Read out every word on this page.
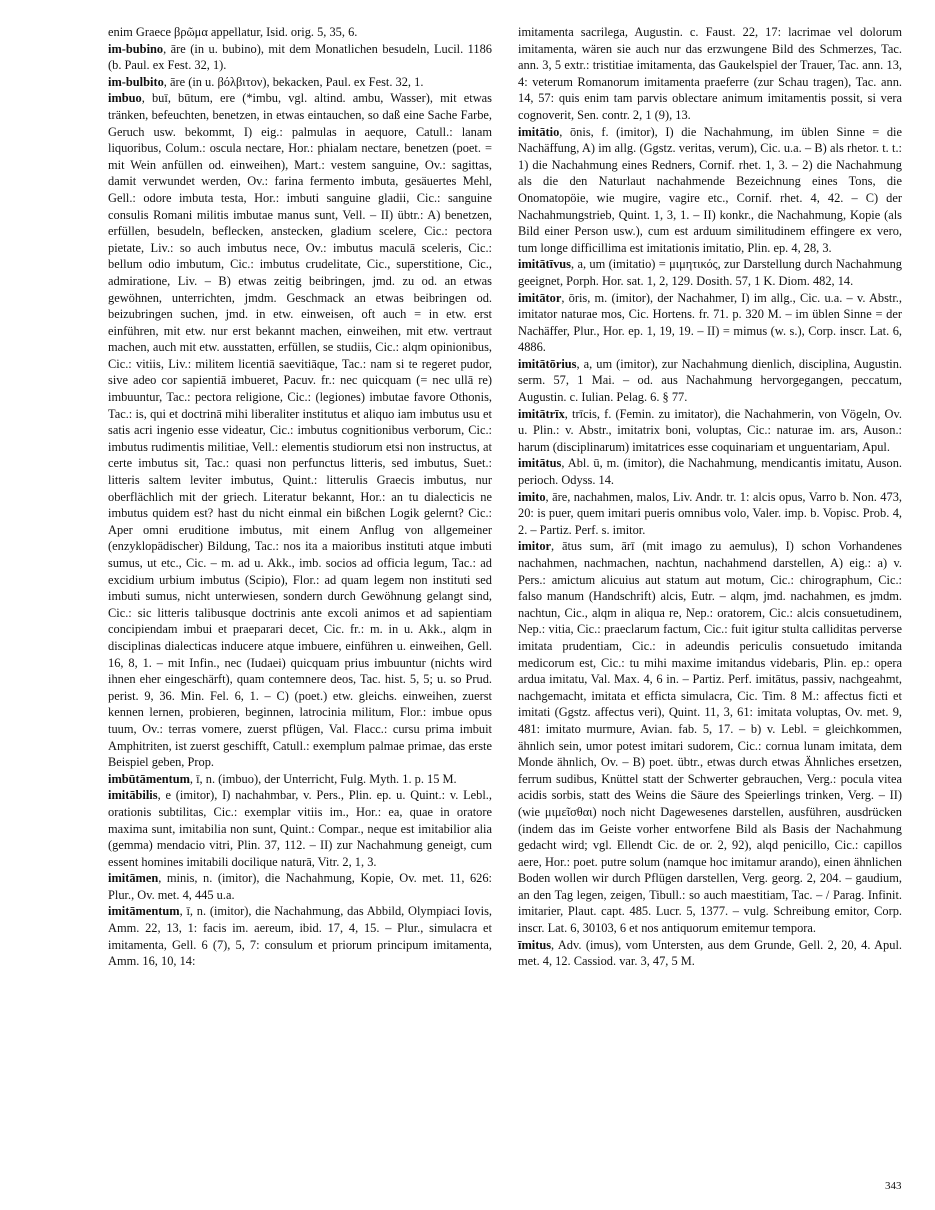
enim Graece βρῶμα appellatur, Isid. orig. 5, 35, 6.

im-bubino, āre (in u. bubino), mit dem Monatlichen besudeln, Lucil. 1186 (b. Paul. ex Fest. 32, 1).

im-bulbito, āre (in u. βόλβιτον), bekacken, Paul. ex Fest. 32, 1.

imbuo, buī, būtum, ere (*imbu, vgl. altind. ambu, Wasser), mit etwas tränken, befeuchten, benetzen, in etwas eintauchen, so daß eine Sache Farbe, Geruch usw. bekommt, I) eig.: palmulas in aequore, Catull.: lanam liquoribus, Colum.: oscula nectare, Hor.: phialam nectare, benetzen (poet. = mit Wein anfüllen od. einweihen), Mart.: vestem sanguine, Ov.: sagittas, damit verwundet werden, Ov.: farina fermento imbuta, gesäuertes Mehl, Gell.: odore imbuta testa, Hor.: imbuti sanguine gladii, Cic.: sanguine consulis Romani militis imbutae manus sunt, Vell. – II) übtr.: A) benetzen, erfüllen, besudeln, beflecken, anstecken, gladium scelere, Cic.: pectora pietate, Liv.: so auch imbutus nece, Ov.: imbutus maculā sceleris, Cic.: bellum odio imbutum, Cic.: imbutus crudelitate, Cic., superstitione, Cic., admiratione, Liv. – B) etwas zeitig beibringen, jmd. zu od. an etwas gewöhnen, unterrichten, jmdm. Geschmack an etwas beibringen od. beizubringen suchen, jmd. in etw. einweisen, oft auch = in etw. erst einführen, mit etw. nur erst bekannt machen, einweihen, mit etw. vertraut machen, auch mit etw. ausstatten, erfüllen, se studiis, Cic.: alqm opinionibus, Cic.: vitiis, Liv.: militem licentiā saevitiāque, Tac.: nam si te regeret pudor, sive adeo cor sapientiā imbueret, Pacuv. fr.: nec quicquam (= nec ullā re) imbuuntur, Tac.: pectora religione, Cic.: (legiones) imbutae favore Othonis, Tac.: is, qui et doctrinā mihi liberaliter institutus et aliquo iam imbutus usu et satis acri ingenio esse videatur, Cic.: imbutus cognitionibus verborum, Cic.: imbutus rudimentis militiae, Vell.: elementis studiorum etsi non instructus, at certe imbutus sit, Tac.: quasi non perfunctus litteris, sed imbutus, Suet.: litteris saltem leviter imbutus, Quint.: litterulis Graecis imbutus, nur oberflächlich mit der griech. Literatur bekannt, Hor.: an tu dialecticis ne imbutus quidem est? hast du nicht einmal ein bißchen Logik gelernt? Cic.: Aper omni eruditione imbutus, mit einem Anflug von allgemeiner (enzyklopädischer) Bildung, Tac.: nos ita a maioribus instituti atque imbuti sumus, ut etc., Cic. – m. ad u. Akk., imb. socios ad officia legum, Tac.: ad excidium urbium imbutus (Scipio), Flor.: ad quam legem non instituti sed imbuti sumus, nicht unterwiesen, sondern durch Gewöhnung gelangt sind, Cic.: sic litteris talibusque doctrinis ante excoli animos et ad sapientiam concipiendam imbui et praeparari decet, Cic. fr.: m. in u. Akk., alqm in disciplinas dialecticas inducere atque imbuere, einführen u. einweihen, Gell. 16, 8, 1. – mit Infin., nec (Iudaei) quicquam prius imbuuntur (nichts wird ihnen eher eingeschärft), quam contemnere deos, Tac. hist. 5, 5; u. so Prud. perist. 9, 36. Min. Fel. 6, 1. – C) (poet.) etw. gleichs. einweihen, zuerst kennen lernen, probieren, beginnen, latrocinia militum, Flor.: imbue opus tuum, Ov.: terras vomere, zuerst pflügen, Val. Flacc.: cursu prima imbuit Amphitriten, ist zuerst geschifft, Catull.: exemplum palmae primae, das erste Beispiel geben, Prop.

imbūtāmentum, ī, n. (imbuo), der Unterricht, Fulg. Myth. 1. p. 15 M.

imitābilis, e (imitor), I) nachahmbar, v. Pers., Plin. ep. u. Quint.: v. Lebl., orationis subtilitas, Cic.: exemplar vitiis im., Hor.: ea, quae in oratore maxima sunt, imitabilia non sunt, Quint.: Compar., neque est imitabilior alia (gemma) mendacio vitri, Plin. 37, 112. – II) zur Nachahmung geneigt, cum essent homines imitabili docilique naturā, Vitr. 2, 1, 3.

imitāmen, minis, n. (imitor), die Nachahmung, Kopie, Ov. met. 11, 626: Plur., Ov. met. 4, 445 u.a.

imitāmentum, ī, n. (imitor), die Nachahmung, das Abbild, Olympiaci Iovis, Amm. 22, 13, 1: facis im. aereum, ibid. 17, 4, 15. – Plur., simulacra et imitamenta, Gell. 6 (7), 5, 7: consulum et priorum principum imitamenta, Amm. 16, 10, 14:

imitamenta sacrilega, Augustin. c. Faust. 22, 17: lacrimae vel dolorum imitamenta, wären sie auch nur das erzwungene Bild des Schmerzes, Tac. ann. 3, 5 extr.: tristitiae imitamenta, das Gaukelspiel der Trauer, Tac. ann. 13, 4: veterum Romanorum imitamenta praeferre (zur Schau tragen), Tac. ann. 14, 57: quis enim tam parvis oblectare animum imitamentis possit, si vera cognoverit, Sen. contr. 2, 1 (9), 13.

imitātio, ōnis, f. (imitor), I) die Nachahmung, im üblen Sinne = die Nachäffung, A) im allg. (Ggstz. veritas, verum), Cic. u.a. – B) als rhetor. t. t.: 1) die Nachahmung eines Redners, Cornif. rhet. 1, 3. – 2) die Nachahmung als die den Naturlaut nachahmende Bezeichnung eines Tons, die Onomatopöie, wie mugire, vagire etc., Cornif. rhet. 4, 42. – C) der Nachahmungstrieb, Quint. 1, 3, 1. – II) konkr., die Nachahmung, Kopie (als Bild einer Person usw.), cum est arduum similitudinem effingere ex vero, tum longe difficillima est imitationis imitatio, Plin. ep. 4, 28, 3.

imitātīvus, a, um (imitatio) = μιμητικός, zur Darstellung durch Nachahmung geeignet, Porph. Hor. sat. 1, 2, 129. Dosith. 57, 1 K. Diom. 482, 14.

imitātor, ōris, m. (imitor), der Nachahmer, I) im allg., Cic. u.a. – v. Abstr., imitator naturae mos, Cic. Hortens. fr. 71. p. 320 M. – im üblen Sinne = der Nachäffer, Plur., Hor. ep. 1, 19, 19. – II) = mimus (w. s.), Corp. inscr. Lat. 6, 4886.

imitātōrius, a, um (imitor), zur Nachahmung dienlich, disciplina, Augustin. serm. 57, 1 Mai. – od. aus Nachahmung hervorgegangen, peccatum, Augustin. c. Iulian. Pelag. 6. § 77.

imitātrīx, trīcis, f. (Femin. zu imitator), die Nachahmerin, von Vögeln, Ov. u. Plin.: v. Abstr., imitatrix boni, voluptas, Cic.: naturae im. ars, Auson.: harum (disciplinarum) imitatrices esse coquinariam et unguentariam, Apul.

imitātus, Abl. ū, m. (imitor), die Nachahmung, mendicantis imitatu, Auson. perioch. Odyss. 14.

imito, āre, nachahmen, malos, Liv. Andr. tr. 1: alcis opus, Varro b. Non. 473, 20: is puer, quem imitari pueris omnibus volo, Valer. imp. b. Vopisc. Prob. 4, 2. – Partiz. Perf. s. imitor.

imitor, ātus sum, ārī (mit imago zu aemulus), I) schon Vorhandenes nachahmen, nachmachen, nachtun, nachahmend darstellen, A) eig.: a) v. Pers.: amictum alicuius aut statum aut motum, Cic.: chirographum, Cic.: falso manum (Handschrift) alcis, Eutr. – alqm, jmd. nachahmen, es jmdm. nachtun, Cic., alqm in aliqua re, Nep.: oratorem, Cic.: alcis consuetudinem, Nep.: vitia, Cic.: praeclarum factum, Cic.: fuit igitur stulta calliditas perverse imitata prudentiam, Cic.: in adeundis periculis consuetudo imitanda medicorum est, Cic.: tu mihi maxime imitandus videbaris, Plin. ep.: opera ardua imitatu, Val. Max. 4, 6 in. – Partiz. Perf. imitātus, passiv, nachgeahmt, nachgemacht, imitata et efficta simulacra, Cic. Tim. 8 M.: affectus ficti et imitati (Ggstz. affectus veri), Quint. 11, 3, 61: imitata voluptas, Ov. met. 9, 481: imitato murmure, Avian. fab. 5, 17. – b) v. Lebl. = gleichkommen, ähnlich sein, umor potest imitari sudorem, Cic.: cornua lunam imitata, dem Monde ähnlich, Ov. – B) poet. übtr., etwas durch etwas Ähnliches ersetzen, ferrum sudibus, Knüttel statt der Schwerter gebrauchen, Verg.: pocula vitea acidis sorbis, statt des Weins die Säure des Speierlings trinken, Verg. – II) (wie μιμεῖσθαι) noch nicht Dagewesenes darstellen, ausführen, ausdrücken (indem das im Geiste vorher entworfene Bild als Basis der Nachahmung gedacht wird; vgl. Ellendt Cic. de or. 2, 92), alqd penicillo, Cic.: capillos aere, Hor.: poet. putre solum (namque hoc imitamur arando), einen ähnlichen Boden wollen wir durch Pflügen darstellen, Verg. georg. 2, 204. – gaudium, an den Tag legen, zeigen, Tibull.: so auch maestitiam, Tac. – / Parag. Infinit. imitarier, Plaut. capt. 485. Lucr. 5, 1377. – vulg. Schreibung emitor, Corp. inscr. Lat. 6, 30103, 6 et nos antiquorum emitemur tempora.

īmitus, Adv. (imus), vom Untersten, aus dem Grunde, Gell. 2, 20, 4. Apul. met. 4, 12. Cassiod. var. 3, 47, 5 M.

343
